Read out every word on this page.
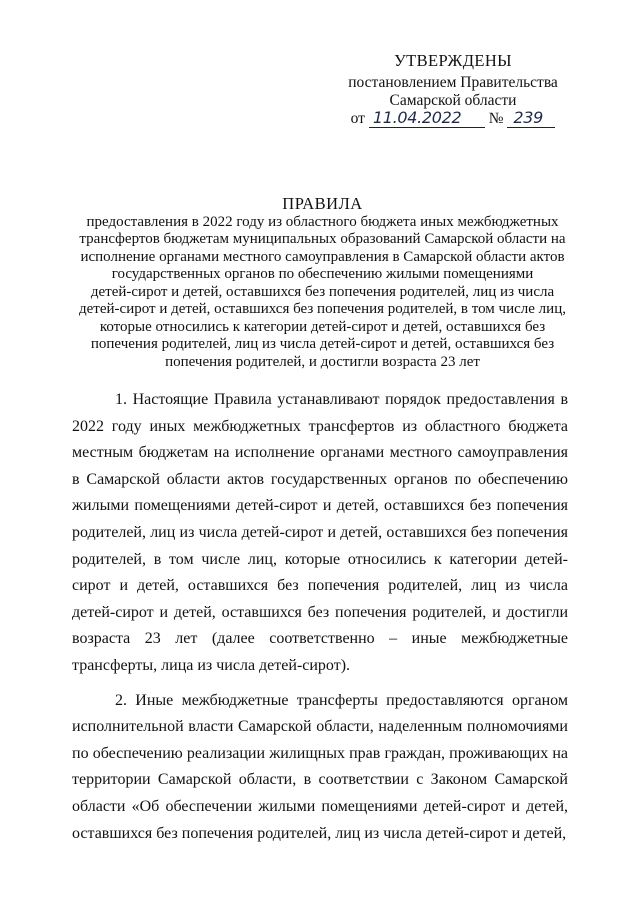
УТВЕРЖДЕНЫ
постановлением Правительства
Самарской области
от 11.04.2022 № 239
ПРАВИЛА
предоставления в 2022 году из областного бюджета иных межбюджетных
трансфертов бюджетам муниципальных образований Самарской области на
исполнение органами местного самоуправления в Самарской области актов
государственных органов по обеспечению жилыми помещениями
детей-сирот и детей, оставшихся без попечения родителей, лиц из числа
детей-сирот и детей, оставшихся без попечения родителей, в том числе лиц,
которые относились к категории детей-сирот и детей, оставшихся без
попечения родителей, лиц из числа детей-сирот и детей, оставшихся без
попечения родителей, и достигли возраста 23 лет

1. Настоящие Правила устанавливают порядок предоставления в 2022 году иных межбюджетных трансфертов из областного бюджета местным бюджетам на исполнение органами местного самоуправления в Самарской области актов государственных органов по обеспечению жилыми помещениями детей-сирот и детей, оставшихся без попечения родителей, лиц из числа детей-сирот и детей, оставшихся без попечения родителей, в том числе лиц, которые относились к категории детей-сирот и детей, оставшихся без попечения родителей, лиц из числа детей-сирот и детей, оставшихся без попечения родителей, и достигли возраста 23 лет (далее соответственно – иные межбюджетные трансферты, лица из числа детей-сирот).

2. Иные межбюджетные трансферты предоставляются органом исполнительной власти Самарской области, наделенным полномочиями по обеспечению реализации жилищных прав граждан, проживающих на территории Самарской области, в соответствии с Законом Самарской области «Об обеспечении жилыми помещениями детей-сирот и детей, оставшихся без попечения родителей, лиц из числа детей-сирот и детей,
